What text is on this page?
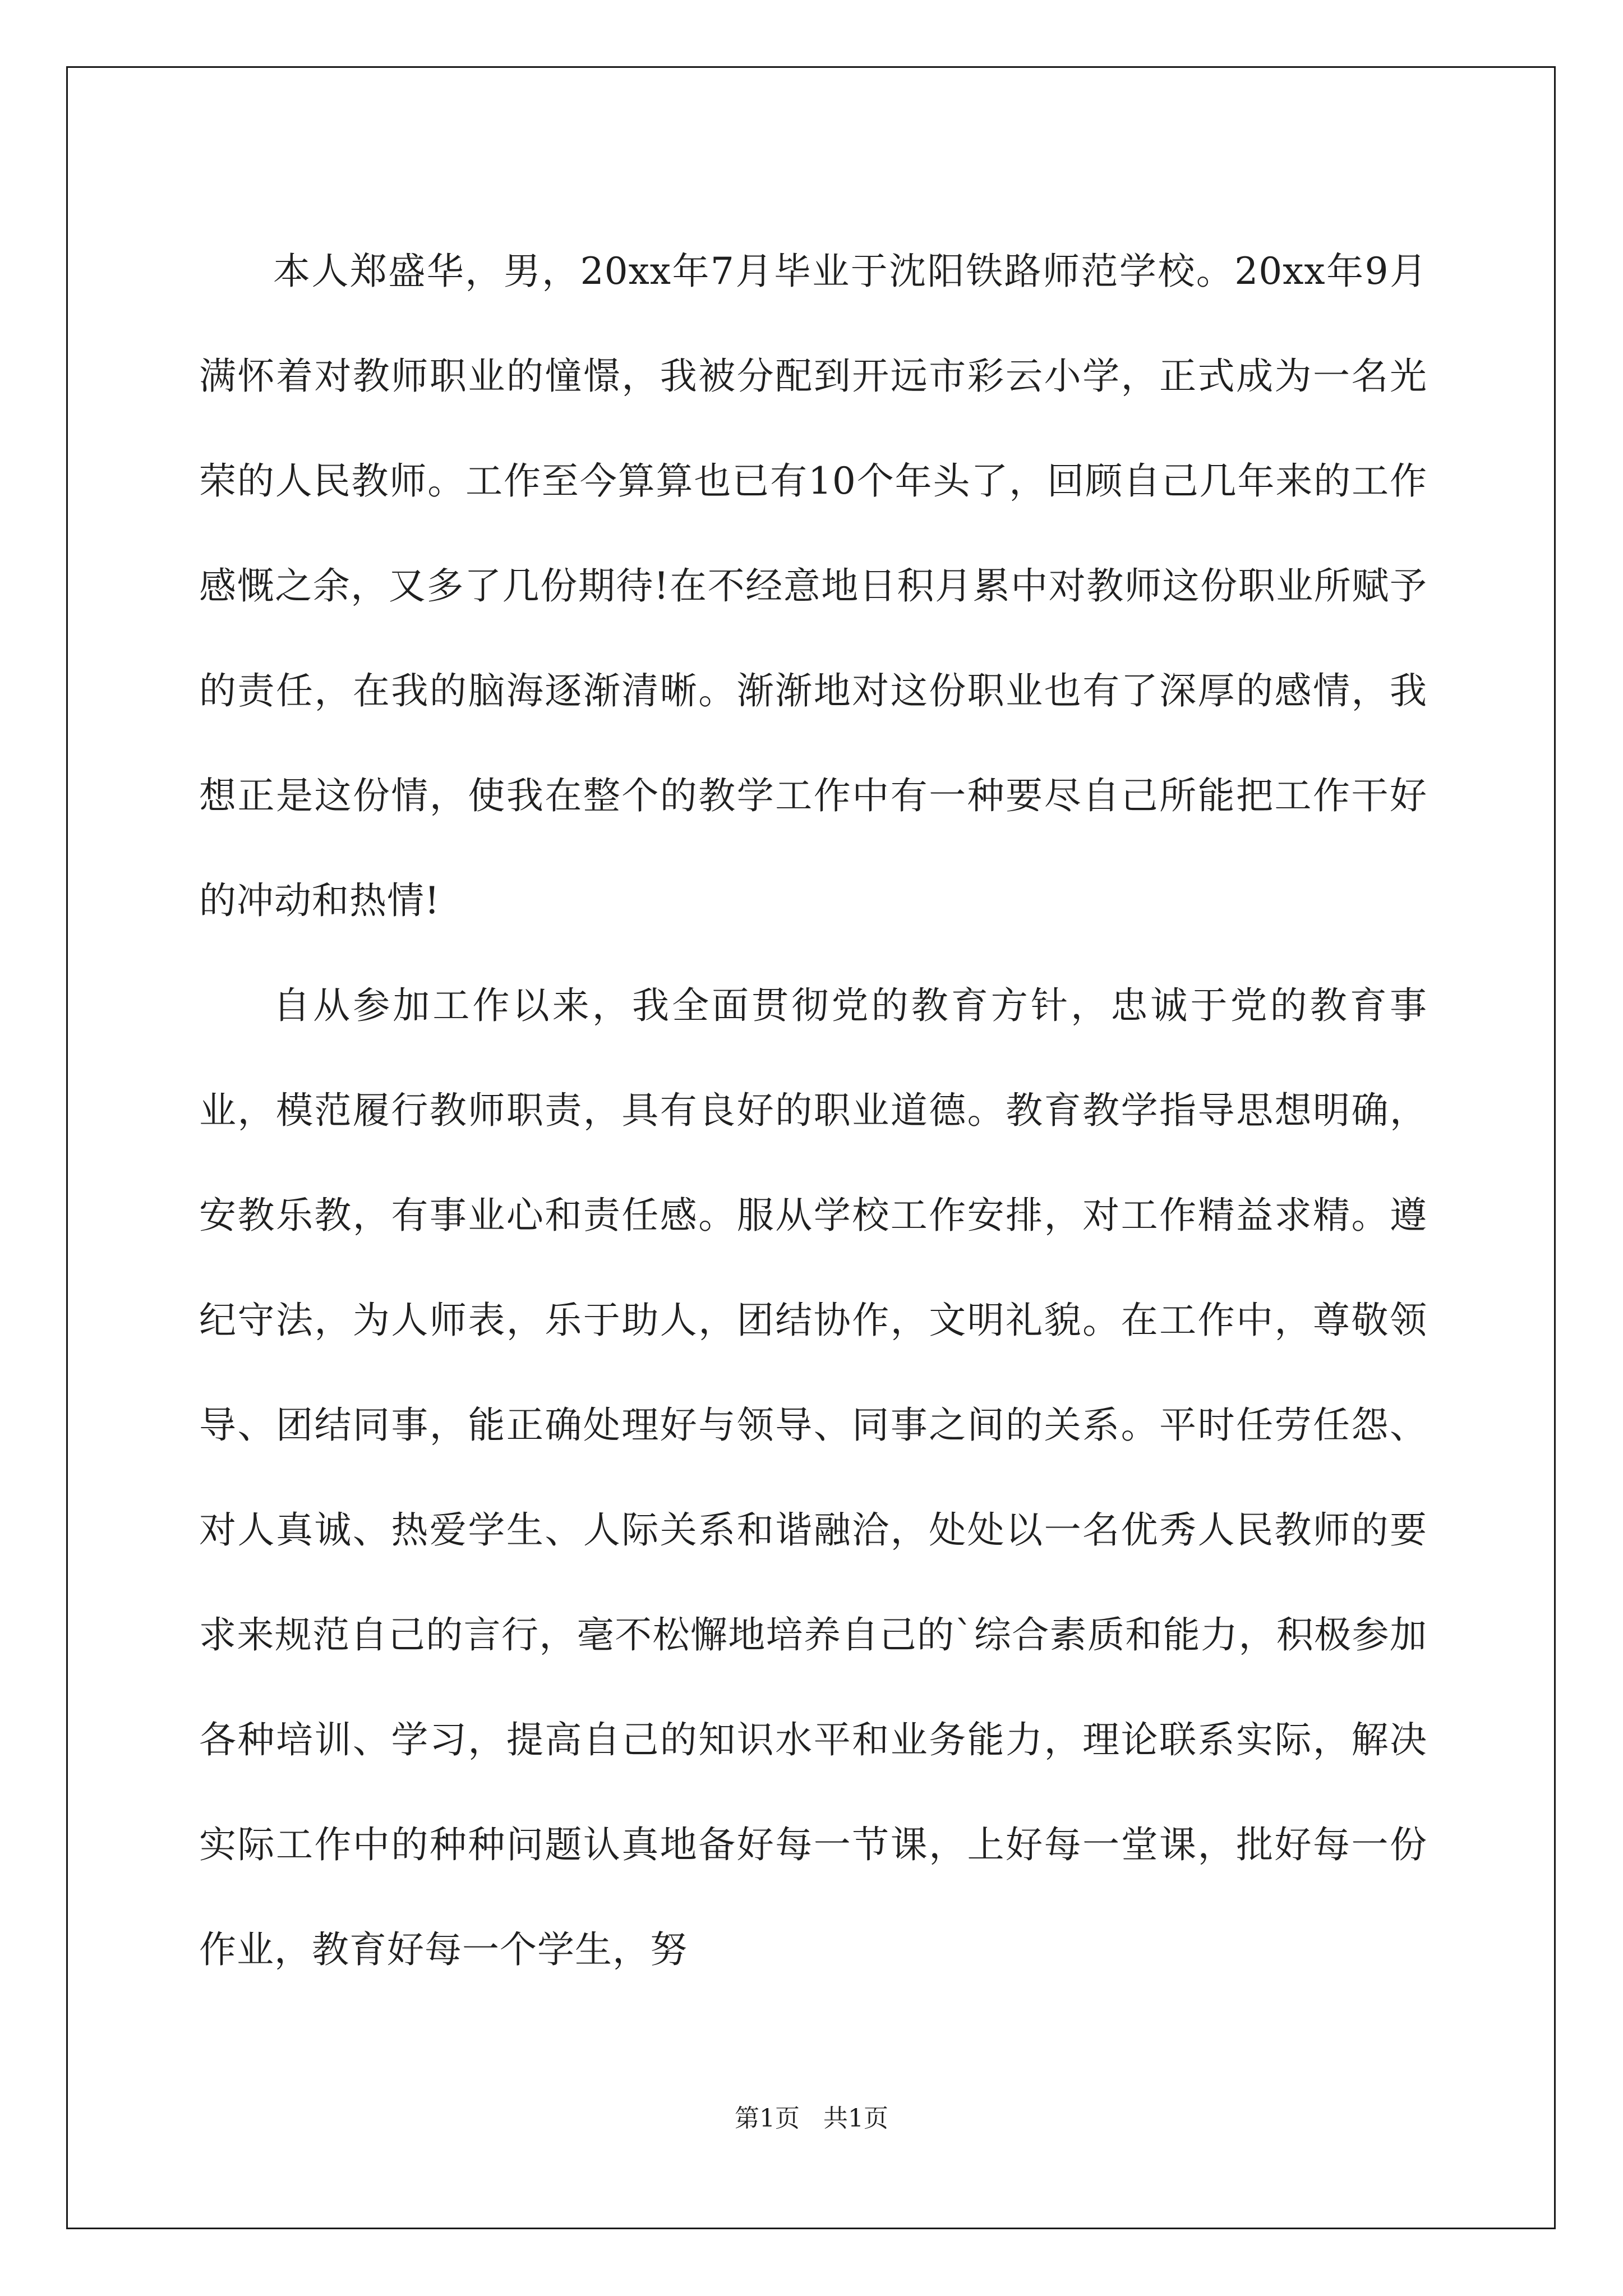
本人郑盛华，男，20xx年7月毕业于沈阳铁路师范学校。20xx年9月满怀着对教师职业的憧憬，我被分配到开远市彩云小学，正式成为一名光荣的人民教师。工作至今算算也已有10个年头了，回顾自己几年来的工作感慨之余，又多了几份期待!在不经意地日积月累中对教师这份职业所赋予的责任，在我的脑海逐渐清晰。渐渐地对这份职业也有了深厚的感情，我想正是这份情，使我在整个的教学工作中有一种要尽自己所能把工作干好的冲动和热情!

自从参加工作以来，我全面贯彻党的教育方针，忠诚于党的教育事业，模范履行教师职责，具有良好的职业道德。教育教学指导思想明确，安教乐教，有事业心和责任感。服从学校工作安排，对工作精益求精。遵纪守法，为人师表，乐于助人，团结协作，文明礼貌。在工作中，尊敬领导、团结同事，能正确处理好与领导、同事之间的关系。平时任劳任怨、对人真诚、热爱学生、人际关系和谐融洽，处处以一名优秀人民教师的要求来规范自己的言行，毫不松懈地培养自己的`综合素质和能力，积极参加各种培训、学习，提高自己的知识水平和业务能力，理论联系实际，解决实际工作中的种种问题认真地备好每一节课，上好每一堂课，批好每一份作业，教育好每一个学生，努

第1页 共1页
